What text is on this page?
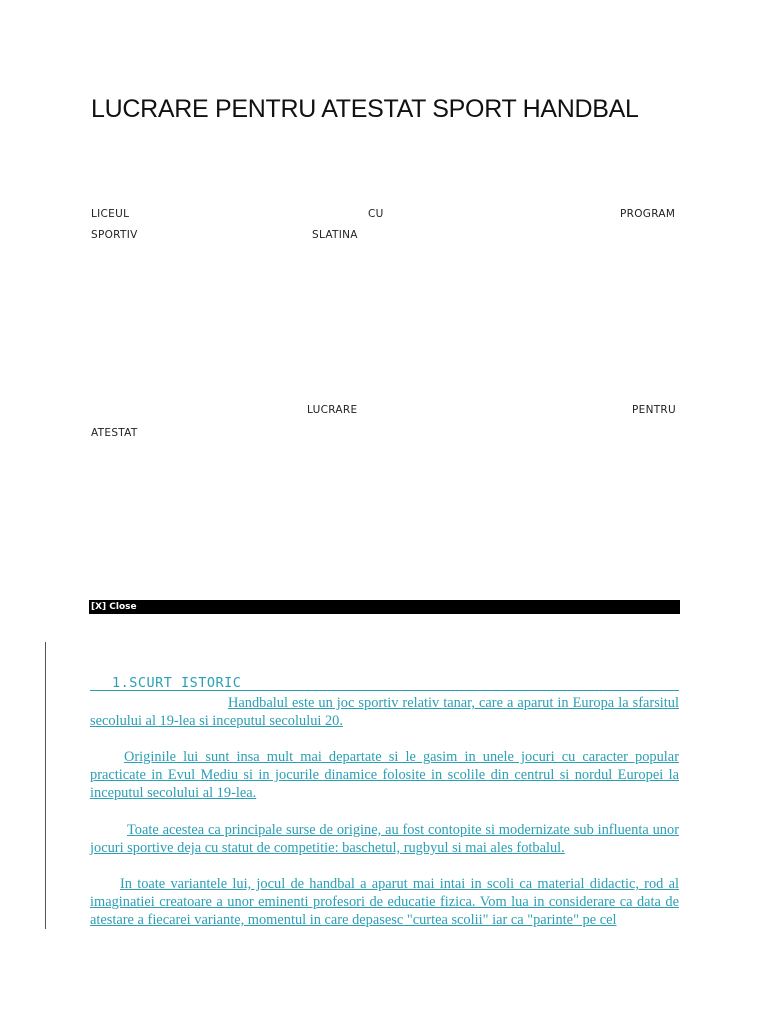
LUCRARE PENTRU ATESTAT SPORT HANDBAL
LICEUL	CU	PROGRAM
SPORTIV	SLATINA
LUCRARE	PENTRU
ATESTAT
[X] Close
1.SCURT ISTORIC

Handbalul este un joc sportiv relativ tanar, care a aparut in Europa la sfarsitul secolului al 19-lea si inceputul secolului 20.

Originile lui sunt insa mult mai departate si le gasim in unele jocuri cu caracter popular practicate in Evul Mediu si in jocurile dinamice folosite in scolile din centrul si nordul Europei la inceputul secolului al 19-lea.

Toate acestea ca principale surse de origine, au fost contopite si modernizate sub influenta unor jocuri sportive deja cu statut de competitie: baschetul, rugbyul si mai ales fotbalul.

In toate variantele lui, jocul de handbal a aparut mai intai in scoli ca material didactic, rod al imaginatiei creatoare a unor eminenti profesori de educatie fizica. Vom lua in considerare ca data de atestare a fiecarei variante, momentul in care depasesc "curtea scolii" iar ca "parinte" pe cel
